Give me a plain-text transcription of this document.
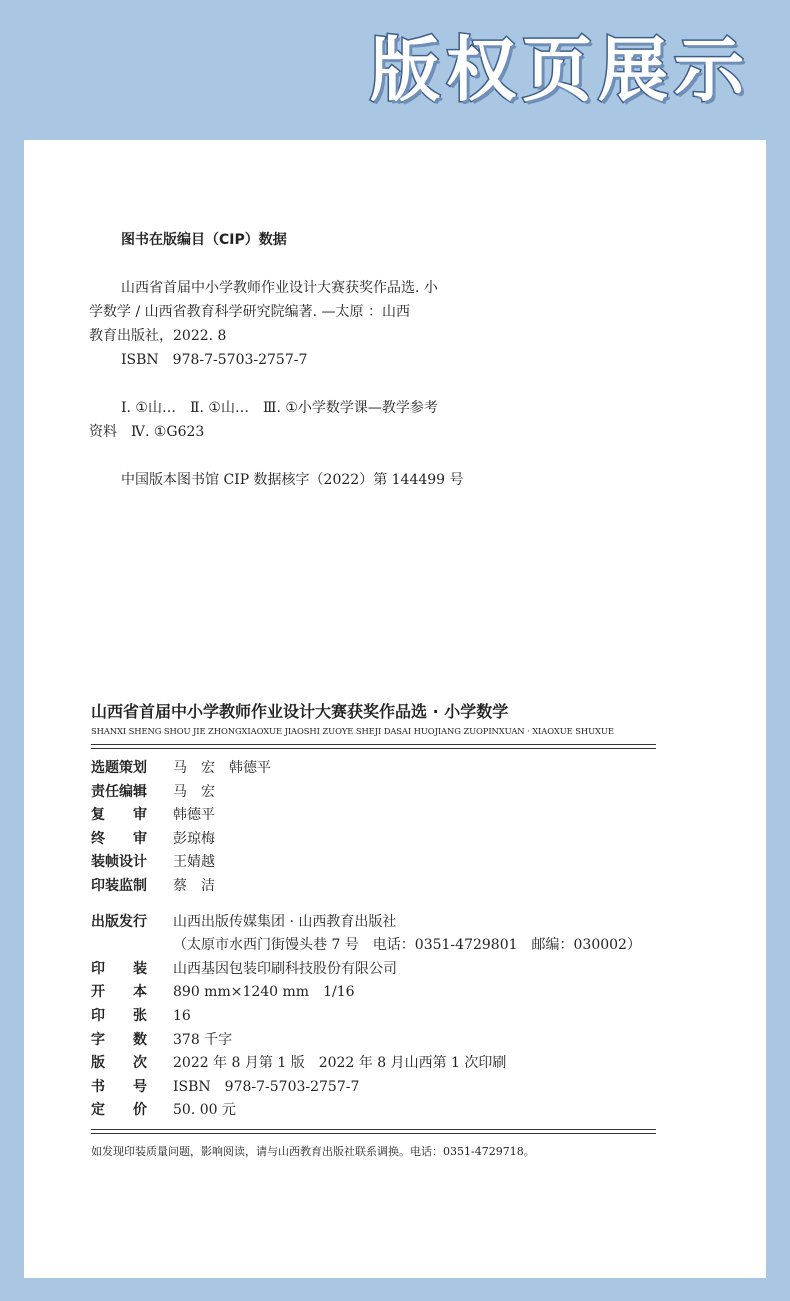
版权页展示

图书在版编目（CIP）数据

山西省首届中小学教师作业设计大赛获奖作品选. 小

学数学 / 山西省教育科学研究院编著. —太原 ：山西

教育出版社，2022. 8

ISBN　978-7-5703-2757-7

Ⅰ. ①山…　Ⅱ. ①山…　Ⅲ. ①小学数学课—教学参考

资料　Ⅳ. ①G623

中国版本图书馆 CIP 数据核字（2022）第 144499 号

山西省首届中小学教师作业设计大赛获奖作品选 · 小学数学
SHANXI SHENG SHOU JIE ZHONGXIAOXUE JIAOSHI ZUOYE SHEJI DASAI HUOJIANG ZUOPINXUAN · XIAOXUE SHUXUE
选题策划	马　宏　韩德平
责任编辑	马　宏
复　　审	韩德平
终　　审	彭琼梅
装帧设计	王婧越
印装监制	蔡　洁
出版发行	山西出版传媒集团 · 山西教育出版社
（太原市水西门街馒头巷 7 号　电话：0351-4729801　邮编：030002）
印　　装	山西基因包装印刷科技股份有限公司
开　　本	890 mm×1240 mm　1/16
印　　张	16
字　　数	378 千字
版　　次	2022 年 8 月第 1 版　2022 年 8 月山西第 1 次印刷
书　　号	ISBN　978-7-5703-2757-7
定　　价	50. 00 元
如发现印装质量问题，影响阅读，请与山西教育出版社联系调换。电话：0351-4729718。
